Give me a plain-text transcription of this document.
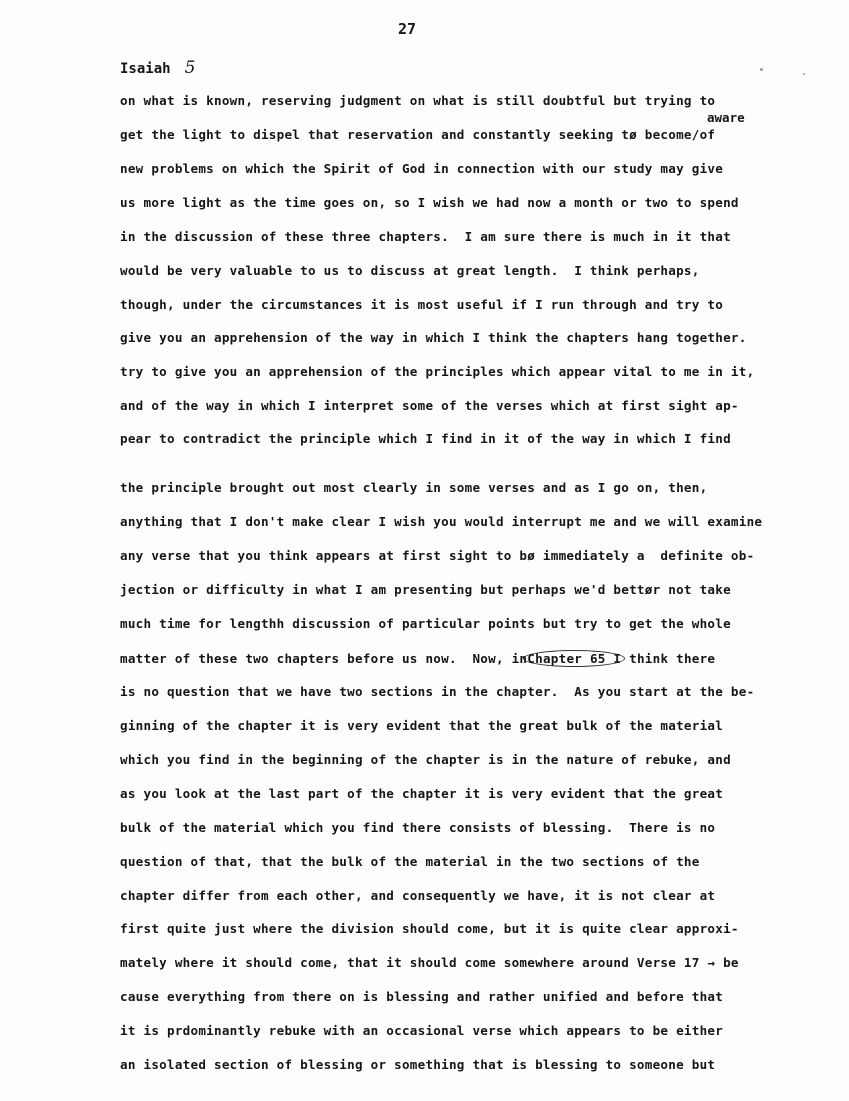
27
Isaiah 5
aware
on what is known, reserving judgment on what is still doubtful but trying to
get the light to dispel that reservation and constantly seeking tø become/of
new problems on which the Spirit of God in connection with our study may give
us more light as the time goes on, so I wish we had now a month or two to spend
in the discussion of these three chapters.  I am sure there is much in it that
would be very valuable to us to discuss at great length.  I think perhaps,
though, under the circumstances it is most useful if I run through and try to
give you an apprehension of the way in which I think the chapters hang together.
try to give you an apprehension of the principles which appear vital to me in it,
and of the way in which I interpret some of the verses which at first sight ap-
pear to contradict the principle which I find in it of the way in which I find
the principle brought out most clearly in some verses and as I go on, then,
anything that I don't make clear I wish you would interrupt me and we will examine
any verse that you think appears at first sight to bø immediately a  definite ob-
jection or difficulty in what I am presenting but perhaps we'd bettør not take
much time for lengthh discussion of particular points but try to get the whole
matter of these two chapters before us now.  Now, inChapter 65 I think there
is no question that we have two sections in the chapter.  As you start at the be-
ginning of the chapter it is very evident that the great bulk of the material
which you find in the beginning of the chapter is in the nature of rebuke, and
as you look at the last part of the chapter it is very evident that the great
bulk of the material which you find there consists of blessing.  There is no
question of that, that the bulk of the material in the two sections of the
chapter differ from each other, and consequently we have, it is not clear at
first quite just where the division should come, but it is quite clear approxi-
mately where it should come, that it should come somewhere around Verse 17 → be
cause everything from there on is blessing and rather unified and before that
it is prdominantly rebuke with an occasional verse which appears to be either
an isolated section of blessing or something that is blessing to someone but
